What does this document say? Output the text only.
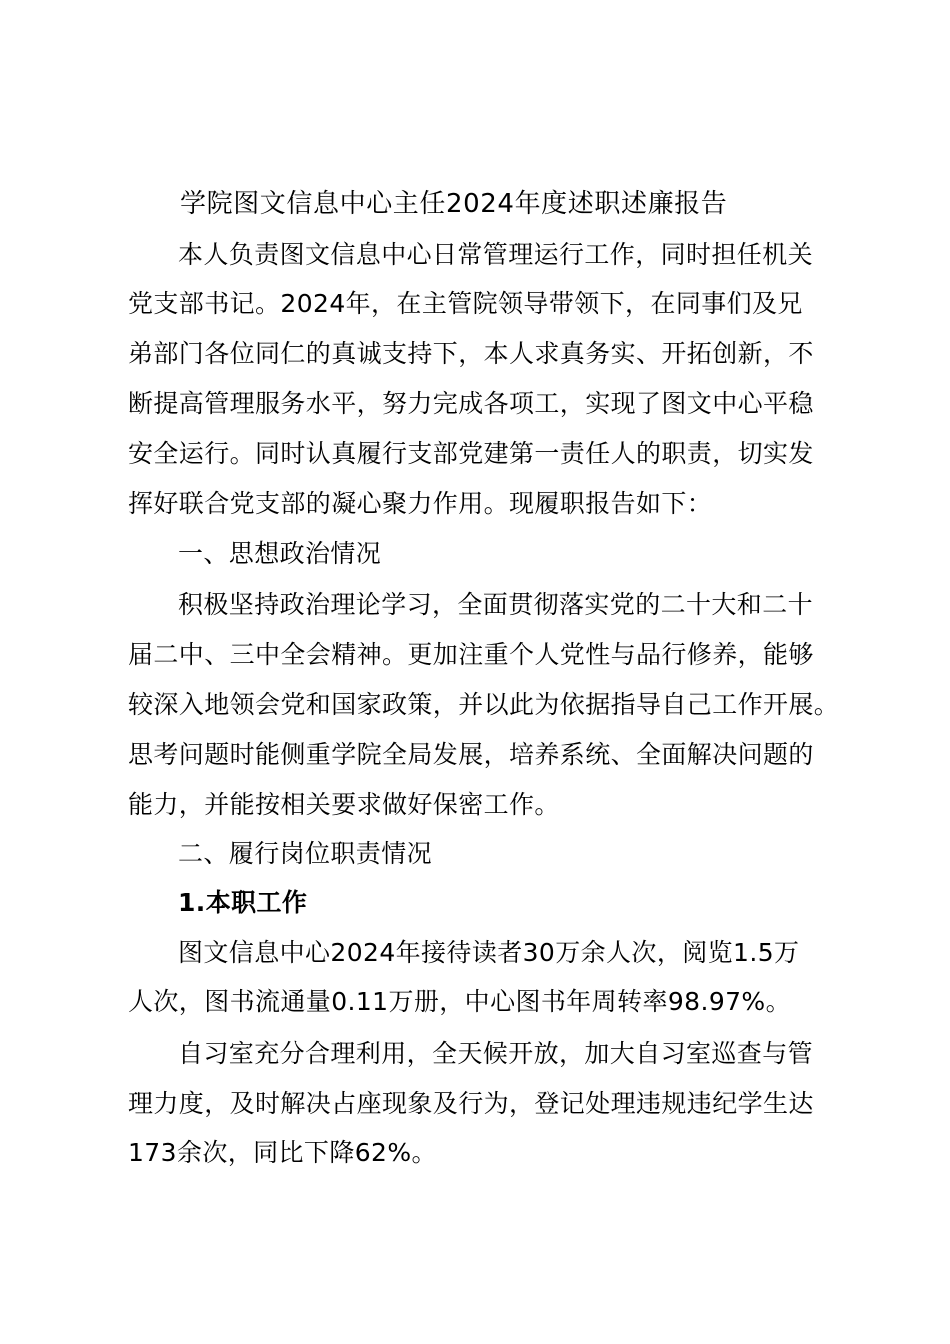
学院图文信息中心主任2024年度述职述廉报告
本人负责图文信息中心日常管理运行工作，同时担任机关
党支部书记。2024年，在主管院领导带领下，在同事们及兄
弟部门各位同仁的真诚支持下，本人求真务实、开拓创新，不
断提高管理服务水平，努力完成各项工，实现了图文中心平稳
安全运行。同时认真履行支部党建第一责任人的职责，切实发
挥好联合党支部的凝心聚力作用。现履职报告如下：
一、思想政治情况
积极坚持政治理论学习，全面贯彻落实党的二十大和二十
届二中、三中全会精神。更加注重个人党性与品行修养，能够
较深入地领会党和国家政策，并以此为依据指导自己工作开展。
思考问题时能侧重学院全局发展，培养系统、全面解决问题的
能力，并能按相关要求做好保密工作。
二、履行岗位职责情况
1.本职工作
图文信息中心2024年接待读者30万余人次，阅览1.5万
人次，图书流通量0.11万册，中心图书年周转率98.97%。
自习室充分合理利用，全天候开放，加大自习室巡查与管
理力度，及时解决占座现象及行为，登记处理违规违纪学生达
173余次，同比下降62%。
